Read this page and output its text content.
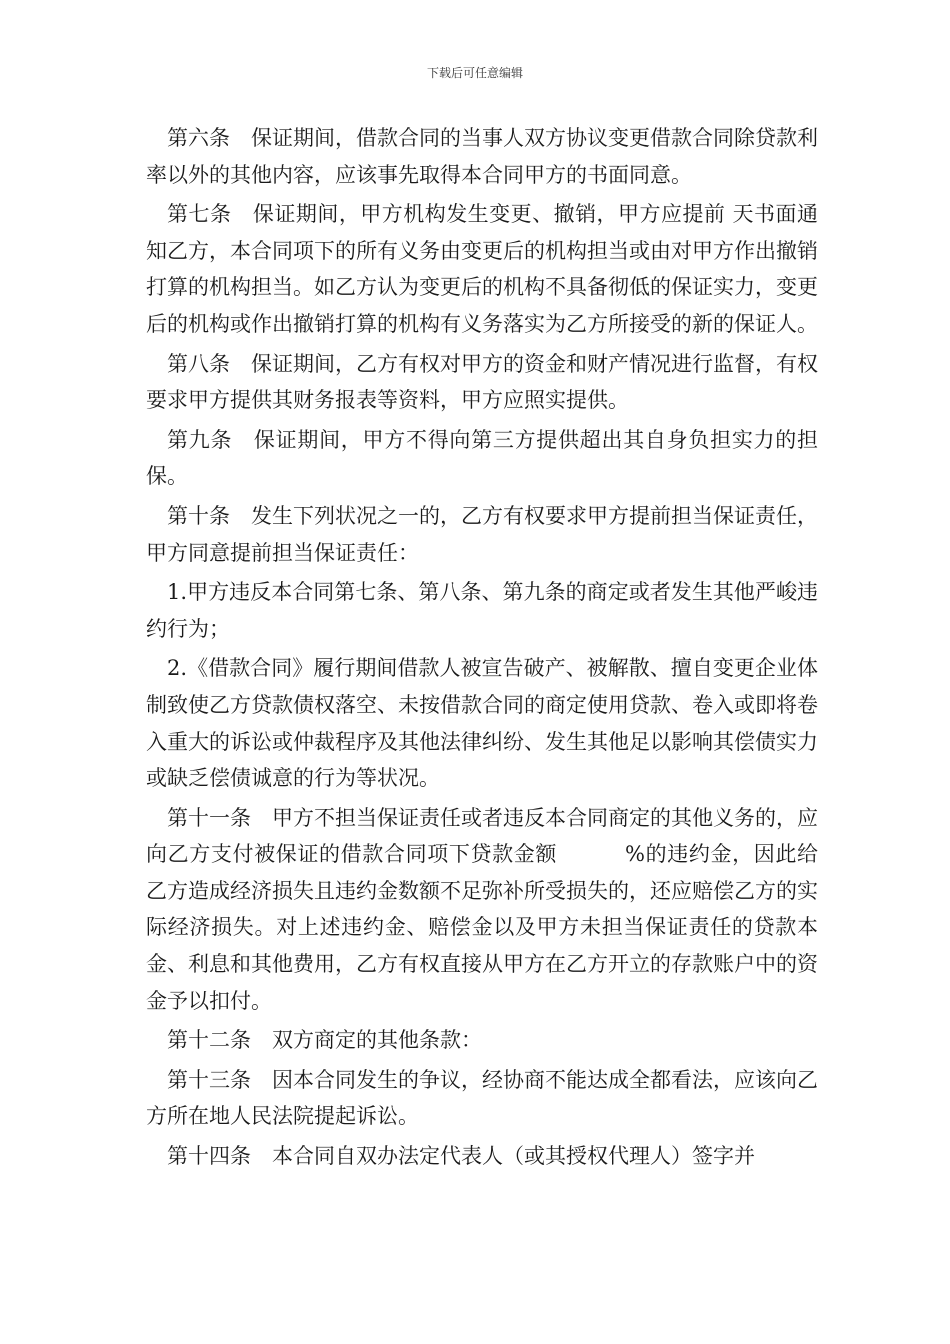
下载后可任意编辑

第六条　保证期间，借款合同的当事人双方协议变更借款合同除贷款利率以外的其他内容，应该事先取得本合同甲方的书面同意。

第七条　保证期间，甲方机构发生变更、撤销，甲方应提前 天书面通知乙方，本合同项下的所有义务由变更后的机构担当或由对甲方作出撤销打算的机构担当。如乙方认为变更后的机构不具备彻低的保证实力，变更后的机构或作出撤销打算的机构有义务落实为乙方所接受的新的保证人。

第八条　保证期间，乙方有权对甲方的资金和财产情况进行监督，有权要求甲方提供其财务报表等资料，甲方应照实提供。

第九条　保证期间，甲方不得向第三方提供超出其自身负担实力的担保。

第十条　发生下列状况之一的，乙方有权要求甲方提前担当保证责任，甲方同意提前担当保证责任：

1.甲方违反本合同第七条、第八条、第九条的商定或者发生其他严峻违约行为；

2.《借款合同》履行期间借款人被宣告破产、被解散、擅自变更企业体制致使乙方贷款债权落空、未按借款合同的商定使用贷款、卷入或即将卷入重大的诉讼或仲裁程序及其他法律纠纷、发生其他足以影响其偿债实力或缺乏偿债诚意的行为等状况。

第十一条　甲方不担当保证责任或者违反本合同商定的其他义务的，应向乙方支付被保证的借款合同项下贷款金额	%的违约金，因此给乙方造成经济损失且违约金数额不足弥补所受损失的，还应赔偿乙方的实际经济损失。对上述违约金、赔偿金以及甲方未担当保证责任的贷款本金、利息和其他费用，乙方有权直接从甲方在乙方开立的存款账户中的资金予以扣付。

第十二条　双方商定的其他条款：

第十三条　因本合同发生的争议，经协商不能达成全都看法，应该向乙方所在地人民法院提起诉讼。

第十四条　本合同自双办法定代表人（或其授权代理人）签字并
